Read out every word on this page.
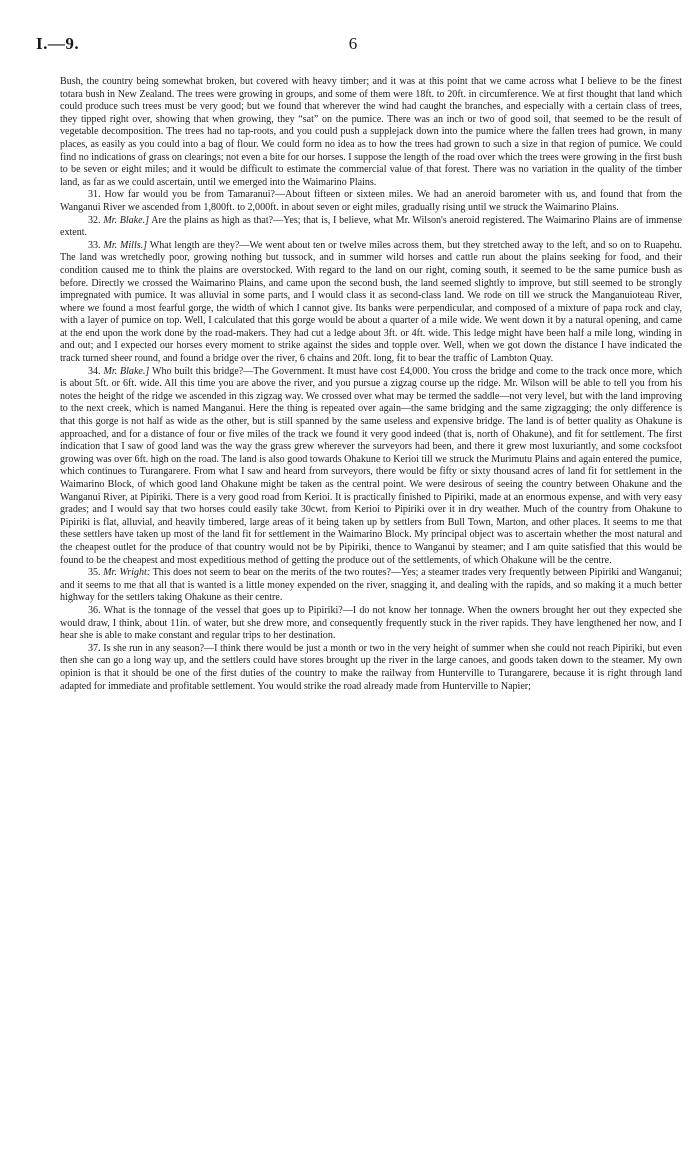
I.—9.	6

Bush, the country being somewhat broken, but covered with heavy timber; and it was at this point that we came across what I believe to be the finest totara bush in New Zealand. The trees were growing in groups, and some of them were 18ft. to 20ft. in circumference. We at first thought that land which could produce such trees must be very good; but we found that wherever the wind had caught the branches, and especially with a certain class of trees, they tipped right over, showing that when growing, they “sat” on the pumice. There was an inch or two of good soil, that seemed to be the result of vegetable decomposition. The trees had no tap-roots, and you could push a supplejack down into the pumice where the fallen trees had grown, in many places, as easily as you could into a bag of flour. We could form no idea as to how the trees had grown to such a size in that region of pumice. We could find no indications of grass on clearings; not even a bite for our horses. I suppose the length of the road over which the trees were growing in the first bush to be seven or eight miles; and it would be difficult to estimate the commercial value of that forest. There was no variation in the quality of the timber land, as far as we could ascertain, until we emerged into the Waimarino Plains.

31. How far would you be from Tamaranui?—About fifteen or sixteen miles. We had an aneroid barometer with us, and found that from the Wanganui River we ascended from 1,800ft. to 2,000ft. in about seven or eight miles, gradually rising until we struck the Waimarino Plains.

32. Mr. Blake.] Are the plains as high as that?—Yes; that is, I believe, what Mr. Wilson's aneroid registered. The Waimarino Plains are of immense extent.

33. Mr. Mills.] What length are they?—We went about ten or twelve miles across them, but they stretched away to the left, and so on to Ruapehu. The land was wretchedly poor, growing nothing but tussock, and in summer wild horses and cattle run about the plains seeking for food, and their condition caused me to think the plains are overstocked. With regard to the land on our right, coming south, it seemed to be the same pumice bush as before. Directly we crossed the Waimarino Plains, and came upon the second bush, the land seemed slightly to improve, but still seemed to be strongly impregnated with pumice. It was alluvial in some parts, and I would class it as second-class land. We rode on till we struck the Manganuioteau River, where we found a most fearful gorge, the width of which I cannot give. Its banks were perpendicular, and composed of a mixture of papa rock and clay, with a layer of pumice on top. Well, I calculated that this gorge would be about a quarter of a mile wide. We went down it by a natural opening, and came at the end upon the work done by the road-makers. They had cut a ledge about 3ft. or 4ft. wide. This ledge might have been half a mile long, winding in and out; and I expected our horses every moment to strike against the sides and topple over. Well, when we got down the distance I have indicated the track turned sheer round, and found a bridge over the river, 6 chains and 20ft. long, fit to bear the traffic of Lambton Quay.

34. Mr. Blake.] Who built this bridge?—The Government. It must have cost £4,000. You cross the bridge and come to the track once more, which is about 5ft. or 6ft. wide. All this time you are above the river, and you pursue a zigzag course up the ridge. Mr. Wilson will be able to tell you from his notes the height of the ridge we ascended in this zigzag way. We crossed over what may be termed the saddle—not very level, but with the land improving to the next creek, which is named Manganui. Here the thing is repeated over again—the same bridging and the same zigzagging; the only difference is that this gorge is not half as wide as the other, but is still spanned by the same useless and expensive bridge. The land is of better quality as Ohakune is approached, and for a distance of four or five miles of the track we found it very good indeed (that is, north of Ohakune), and fit for settlement. The first indication that I saw of good land was the way the grass grew wherever the surveyors had been, and there it grew most luxuriantly, and some cocksfoot growing was over 6ft. high on the road. The land is also good towards Ohakune to Kerioi till we struck the Murimutu Plains and again entered the pumice, which continues to Turangarere. From what I saw and heard from surveyors, there would be fifty or sixty thousand acres of land fit for settlement in the Waimarino Block, of which good land Ohakune might be taken as the central point. We were desirous of seeing the country between Ohakune and the Wanganui River, at Pipiriki. There is a very good road from Kerioi. It is practically finished to Pipiriki, made at an enormous expense, and with very easy grades; and I would say that two horses could easily take 30cwt. from Kerioi to Pipiriki over it in dry weather. Much of the country from Ohakune to Pipiriki is flat, alluvial, and heavily timbered, large areas of it being taken up by settlers from Bull Town, Marton, and other places. It seems to me that these settlers have taken up most of the land fit for settlement in the Waimarino Block. My principal object was to ascertain whether the most natural and the cheapest outlet for the produce of that country would not be by Pipiriki, thence to Wanganui by steamer; and I am quite satisfied that this would be found to be the cheapest and most expeditious method of getting the produce out of the settlements, of which Ohakune will be the centre.

35. Mr. Wright: This does not seem to bear on the merits of the two routes?—Yes; a steamer trades very frequently between Pipiriki and Wanganui; and it seems to me that all that is wanted is a little money expended on the river, snagging it, and dealing with the rapids, and so making it a much better highway for the settlers taking Ohakune as their centre.

36. What is the tonnage of the vessel that goes up to Pipiriki?—I do not know her tonnage. When the owners brought her out they expected she would draw, I think, about 11in. of water, but she drew more, and consequently frequently stuck in the river rapids. They have lengthened her now, and I hear she is able to make constant and regular trips to her destination.

37. Is she run in any season?—I think there would be just a month or two in the very height of summer when she could not reach Pipiriki, but even then she can go a long way up, and the settlers could have stores brought up the river in the large canoes, and goods taken down to the steamer. My own opinion is that it should be one of the first duties of the country to make the railway from Hunterville to Turangarere, because it is right through land adapted for immediate and profitable settlement. You would strike the road already made from Hunterville to Napier;
